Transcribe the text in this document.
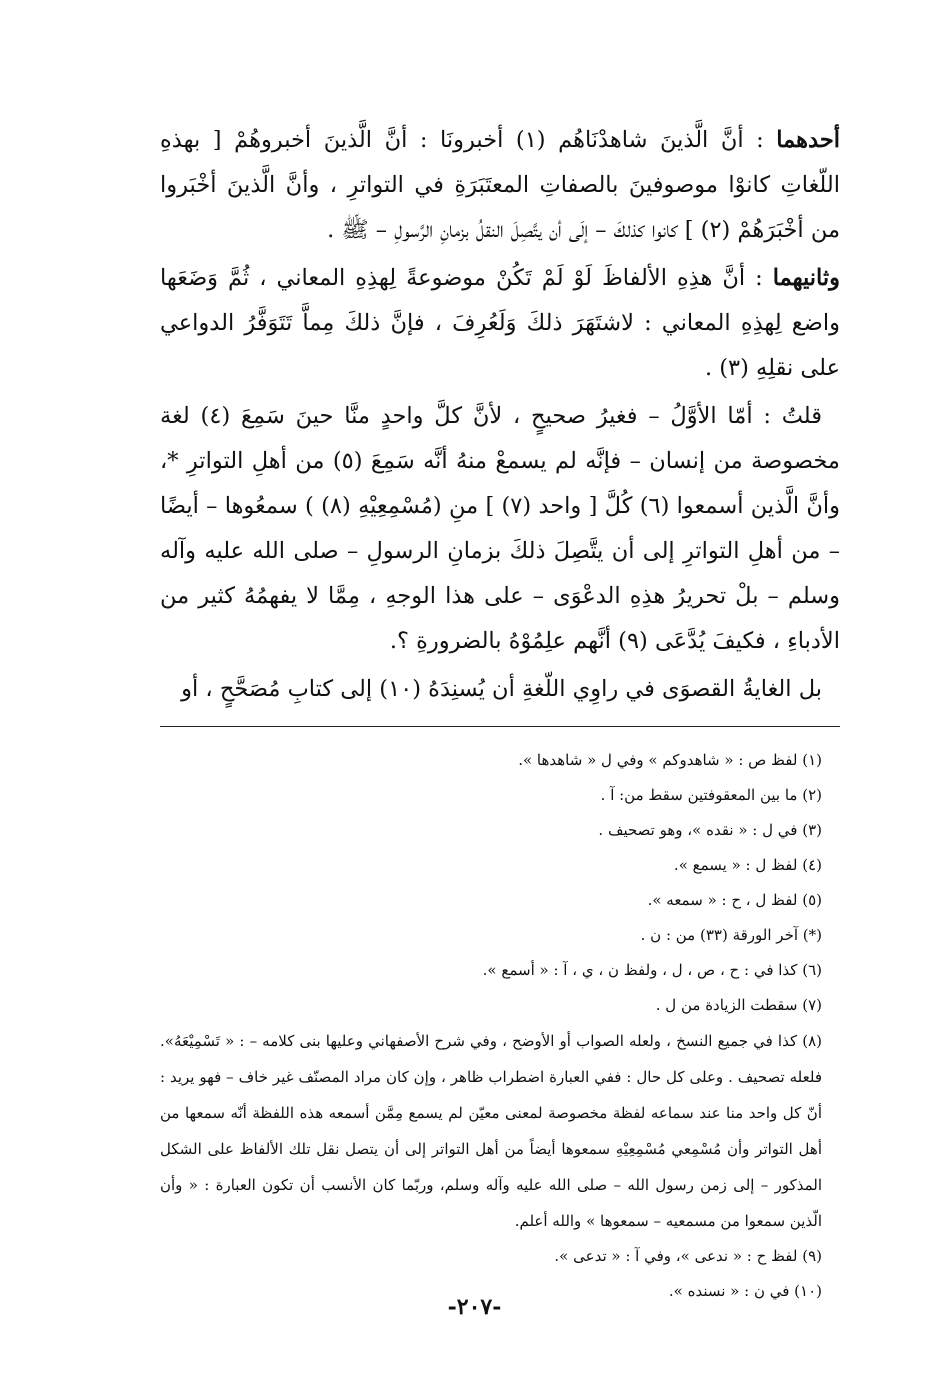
أحدهما : أنَّ الَّذينَ شاهدْنَاهُم (١) أخبرونَا : أنَّ الَّذينَ أخبروهُمْ [ بهذهِ اللّغاتِ كانوْا موصوفينَ بالصفاتِ المعتَبَرَةِ في التواترِ ، وأنَّ الَّذينَ أخْبَروا من أخْبَرَهُمْ (٢) ] كانوا كذلكَ – إلَى أن يتَّصِلَ النقلُ بزمانِ الرَّسولِ – ﷺ .

وثانيهما : أنَّ هذِهِ الألفاظَ لَوْ لَمْ تَكُنْ موضوعةً لِهذِهِ المعاني ، ثُمَّ وَضَعَها واضع لِهذِهِ المعاني : لاشتَهَرَ ذلكَ وَلَعُرِفَ ، فإنَّ ذلكَ مِماَّ تَتَوَفَّرُ الدواعي على نقلِهِ (٣) .

قلتُ : أمّا الأوَّلُ – فغيرُ صحيحٍ ، لأنَّ كلَّ واحدٍ منَّا حينَ سَمِعَ (٤) لغة مخصوصة من إنسان – فإنَّه لم يسمعْ منهُ أنَّه سَمِعَ (٥) من أهلِ التواترِ *، وأنَّ الَّذين أسمعوا (٦) كُلَّ [ واحد (٧) ] منِ (مُسْمِعِيْهِ (٨) ) سمعُوها – أيضًا – من أهلِ التواترِ إلى أن يتَّصِلَ ذلكَ بزمانِ الرسولِ – صلى الله عليه وآله وسلم – بلْ تحريرُ هذِهِ الدعْوَى – على هذا الوجهِ ، مِمَّا لا يفهمُهُ كثير من الأدباءِ ، فكيفَ يُدَّعَى (٩) أنَّهم علِمُوْهُ بالضرورةِ ؟.

بل الغايةُ القصوَى في راوِي اللّغةِ أن يُسنِدَهُ (١٠) إلى كتابِ مُصَحَّحٍ ، أو

(١) لفظ ص : « شاهدوكم » وفي ل « شاهدها ».

(٢) ما بين المعقوفتين سقط من: آ .

(٣) في ل : « نقده »، وهو تصحيف .

(٤) لفظ ل : « يسمع ».

(٥) لفظ ل ، ح : « سمعه ».

(*) آخر الورقة (٣٣) من : ن .

(٦) كذا في : ح ، ص ، ل ، ولفظ ن ، ي ، آ : « أسمع ».

(٧) سقطت الزيادة من ل .

(٨) كذا في جميع النسخ ، ولعله الصواب أو الأوضح ، وفي شرح الأصفهاني وعليها بنى كلامه – : « تَسْمِيْعَهُ». فلعله تصحيف . وعلى كل حال : ففي العبارة اضطراب ظاهر ، وإن كان مراد المصنّف غير خاف – فهو يريد : أنّ كل واحد منا عند سماعه لفظة مخصوصة لمعنى معيّن لم يسمع مِمَّن أسمعه هذه اللفظة أنّه سمعها من أهل التواتر وأن مُسْمِعي مُسْمِعِيْهِ سمعوها أيضاً من أهل التواتر إلى أن يتصل نقل تلك الألفاظ على الشكل المذكور – إلى زمن رسول الله – صلى الله عليه وآله وسلم، وربّما كان الأنسب أن تكون العبارة : « وأن الّذين سمعوا من مسمعيه – سمعوها » والله أعلم.

(٩) لفظ ح : « ندعى »، وفي آ : « تدعى ».

(١٠) في ن : « نسنده ».

-٢٠٧-
